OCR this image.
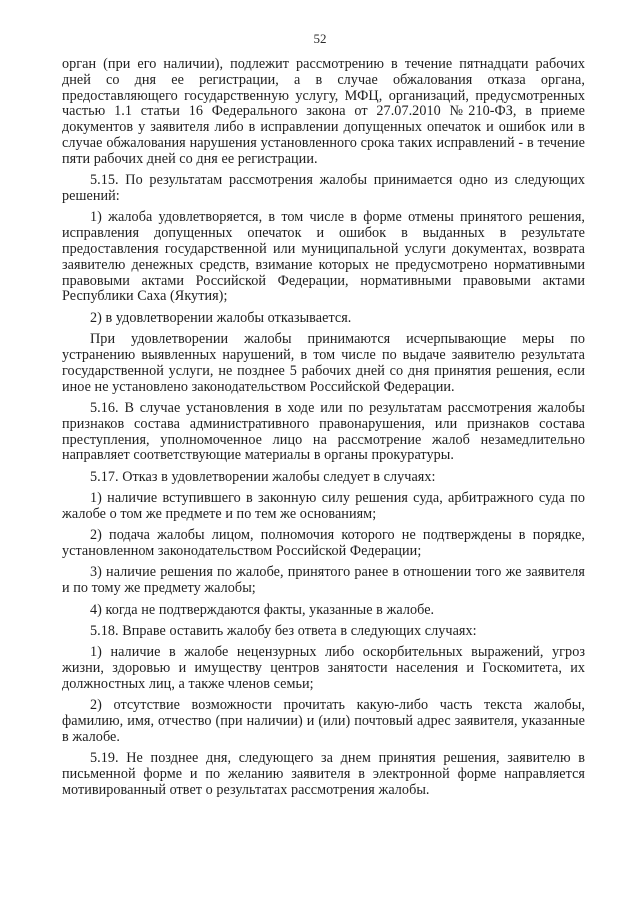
52

орган (при его наличии), подлежит рассмотрению в течение пятнадцати рабочих дней со дня ее регистрации, а в случае обжалования отказа органа, предоставляющего государственную услугу, МФЦ, организаций, предусмотренных частью 1.1 статьи 16 Федерального закона от 27.07.2010 №210-ФЗ, в приеме документов у заявителя либо в исправлении допущенных опечаток и ошибок или в случае обжалования нарушения установленного срока таких исправлений - в течение пяти рабочих дней со дня ее регистрации.

5.15. По результатам рассмотрения жалобы принимается одно из следующих решений:

1) жалоба удовлетворяется, в том числе в форме отмены принятого решения, исправления допущенных опечаток и ошибок в выданных в результате предоставления государственной или муниципальной услуги документах, возврата заявителю денежных средств, взимание которых не предусмотрено нормативными правовыми актами Российской Федерации, нормативными правовыми актами Республики Саха (Якутия);

2) в удовлетворении жалобы отказывается.

При удовлетворении жалобы принимаются исчерпывающие меры по устранению выявленных нарушений, в том числе по выдаче заявителю результата государственной услуги, не позднее 5 рабочих дней со дня принятия решения, если иное не установлено законодательством Российской Федерации.

5.16. В случае установления в ходе или по результатам рассмотрения жалобы признаков состава административного правонарушения, или признаков состава преступления, уполномоченное лицо на рассмотрение жалоб незамедлительно направляет соответствующие материалы в органы прокуратуры.

5.17. Отказ в удовлетворении жалобы следует в случаях:

1) наличие вступившего в законную силу решения суда, арбитражного суда по жалобе о том же предмете и по тем же основаниям;

2) подача жалобы лицом, полномочия которого не подтверждены в порядке, установленном законодательством Российской Федерации;

3) наличие решения по жалобе, принятого ранее в отношении того же заявителя и по тому же предмету жалобы;

4) когда не подтверждаются факты, указанные в жалобе.

5.18. Вправе оставить жалобу без ответа в следующих случаях:

1) наличие в жалобе нецензурных либо оскорбительных выражений, угроз жизни, здоровью и имуществу центров занятости населения и Госкомитета, их должностных лиц, а также членов семьи;

2) отсутствие возможности прочитать какую-либо часть текста жалобы, фамилию, имя, отчество (при наличии) и (или) почтовый адрес заявителя, указанные в жалобе.

5.19. Не позднее дня, следующего за днем принятия решения, заявителю в письменной форме и по желанию заявителя в электронной форме направляется мотивированный ответ о результатах рассмотрения жалобы.
